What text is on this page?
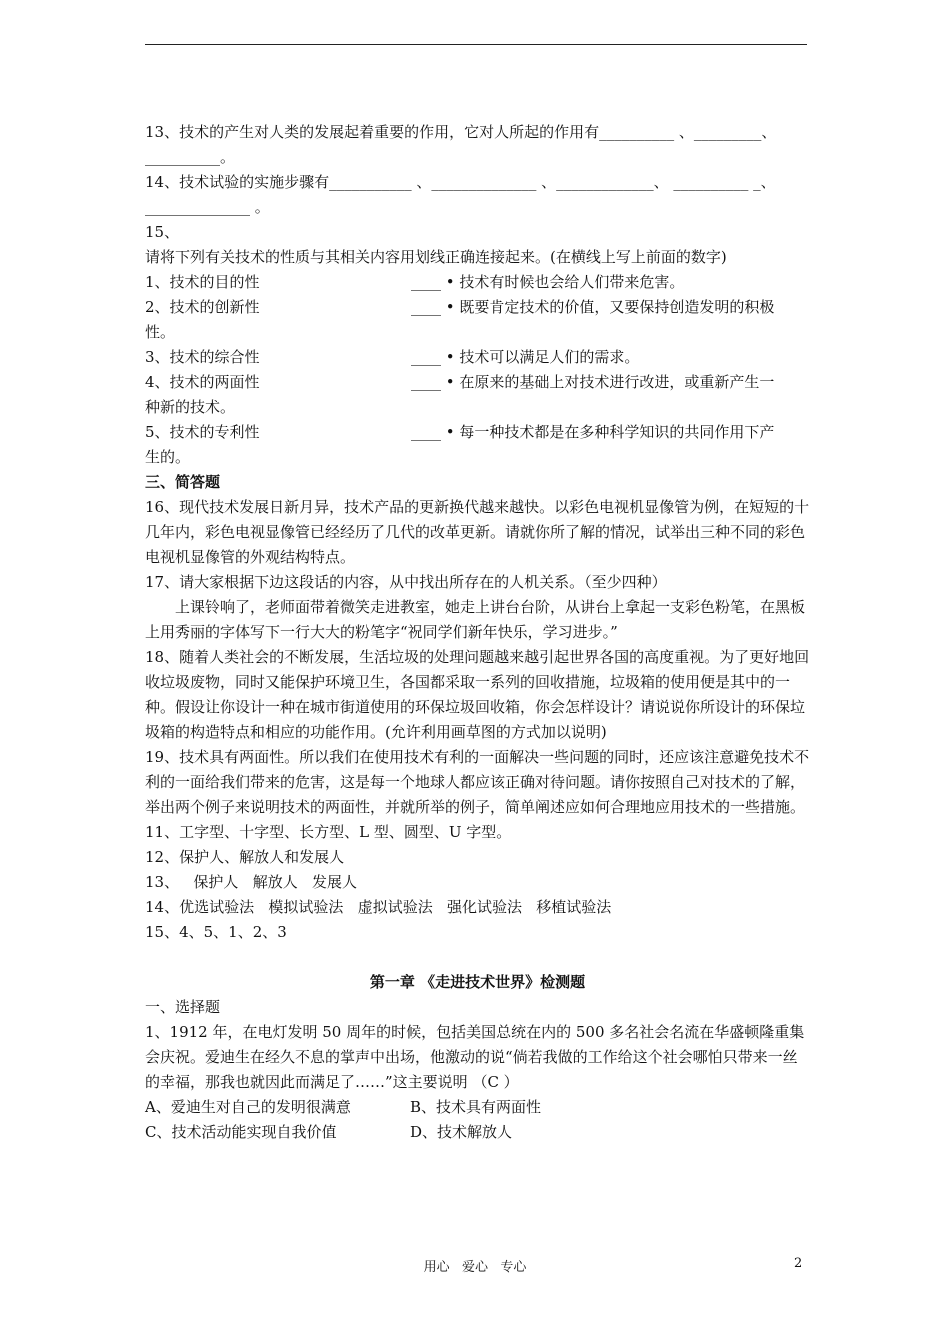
13、技术的产生对人类的发展起着重要的作用，它对人所起的作用有__________ 、_________、__________。

14、技术试验的实施步骤有___________ 、______________ 、_____________、 __________ _、______________ 。

15、

请将下列有关技术的性质与其相关内容用划线正确连接起来。(在横线上写上前面的数字)

1、技术的目的性	____ • 技术有时候也会给人们带来危害。
2、技术的创新性	____ • 既要肯定技术的价值，又要保持创造发明的积极

性。

3、技术的综合性	____ • 技术可以满足人们的需求。
4、技术的两面性	____ • 在原来的基础上对技术进行改进，或重新产生一

种新的技术。

5、技术的专利性	____ • 每一种技术都是在多种科学知识的共同作用下产

生的。

三、简答题

16、现代技术发展日新月异，技术产品的更新换代越来越快。以彩色电视机显像管为例，在短短的十几年内，彩色电视显像管已经经历了几代的改革更新。请就你所了解的情况，试举出三种不同的彩色电视机显像管的外观结构特点。

17、请大家根据下边这段话的内容，从中找出所存在的人机关系。（至少四种）

上课铃响了，老师面带着微笑走进教室，她走上讲台台阶，从讲台上拿起一支彩色粉笔，在黑板上用秀丽的字体写下一行大大的粉笔字“祝同学们新年快乐，学习进步。”

18、随着人类社会的不断发展，生活垃圾的处理问题越来越引起世界各国的高度重视。为了更好地回收垃圾废物，同时又能保护环境卫生，各国都采取一系列的回收措施，垃圾箱的使用便是其中的一种。假设让你设计一种在城市街道使用的环保垃圾回收箱，你会怎样设计？请说说你所设计的环保垃圾箱的构造特点和相应的功能作用。(允许利用画草图的方式加以说明)

19、技术具有两面性。所以我们在使用技术有利的一面解决一些问题的同时，还应该注意避免技术不利的一面给我们带来的危害，这是每一个地球人都应该正确对待问题。请你按照自己对技术的了解，举出两个例子来说明技术的两面性，并就所举的例子，简单阐述应如何合理地应用技术的一些措施。

11、工字型、十字型、长方型、L 型、圆型、U 字型。

12、保护人、解放人和发展人

13、   保护人   解放人   发展人

14、优选试验法   模拟试验法   虚拟试验法   强化试验法   移植试验法

15、4、5、1、2、3

第一章 《走进技术世界》检测题

一、选择题

1、1912 年，在电灯发明 50 周年的时候，包括美国总统在内的 500 多名社会名流在华盛顿隆重集会庆祝。爱迪生在经久不息的掌声中出场，他激动的说“倘若我做的工作给这个社会哪怕只带来一丝的幸福，那我也就因此而满足了……”这主要说明 （C ）

A、爱迪生对自己的发明很满意	B、技术具有两面性
C、技术活动能实现自我价值	D、技术解放人
用心   爱心   专心	2
